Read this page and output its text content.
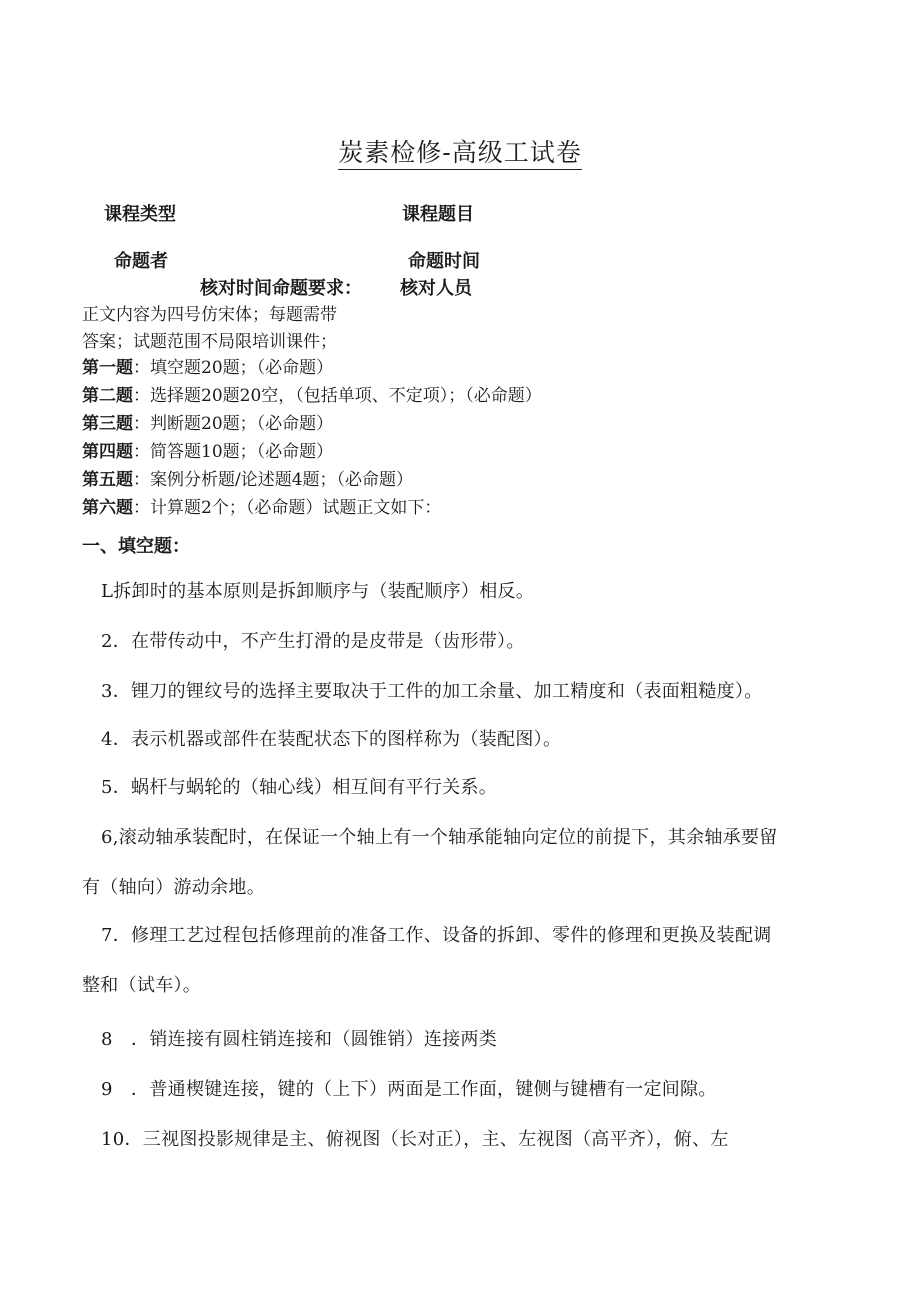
炭素检修-高级工试卷
课程类型	课程题目
命题者	命题时间
核对时间命题要求： 核对人员
正文内容为四号仿宋体；每题需带
答案；试题范围不局限培训课件；
第一题：填空题20题；（必命题）
第二题：选择题20题20空，（包括单项、不定项）；（必命题）
第三题：判断题20题；（必命题）
第四题：简答题10题；（必命题）
第五题：案例分析题/论述题4题；（必命题）
第六题：计算题2个；（必命题）试题正文如下：
一、填空题：
L拆卸时的基本原则是拆卸顺序与（装配顺序）相反。
2．在带传动中，不产生打滑的是皮带是（齿形带）。
3．锂刀的锂纹号的选择主要取决于工件的加工余量、加工精度和（表面粗糙度）。
4．表示机器或部件在装配状态下的图样称为（装配图）。
5．蜗杆与蜗轮的（轴心线）相互间有平行关系。
6,滚动轴承装配时，在保证一个轴上有一个轴承能轴向定位的前提下，其余轴承要留
有（轴向）游动余地。
7．修理工艺过程包括修理前的准备工作、设备的拆卸、零件的修理和更换及装配调
整和（试车）。
8　．销连接有圆柱销连接和（圆锥销）连接两类
9　．普通楔键连接，键的（上下）两面是工作面，键侧与键槽有一定间隙。
10．三视图投影规律是主、俯视图（长对正），主、左视图（高平齐），俯、左
